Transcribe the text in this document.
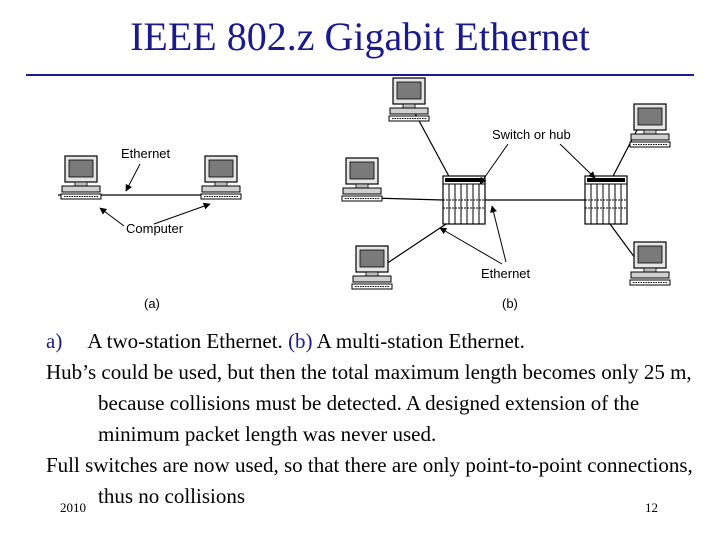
IEEE 802.z Gigabit Ethernet
Ethernet
Computer
(a)
Switch or hub
Ethernet
(b)

a) A two-station Ethernet. (b) A multi-station Ethernet.

Hub’s could be used, but then the total maximum length becomes only 25 m, because collisions must be detected. A designed extension of the minimum packet length was never used.

Full switches are now used, so that there are only point-to-point connections, thus no collisions

2010	12
